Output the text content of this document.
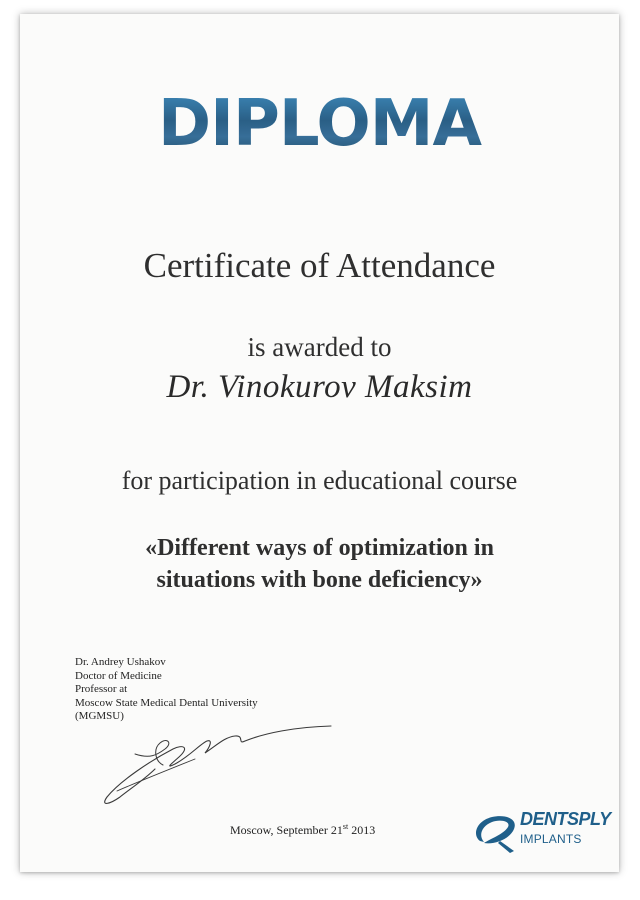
DIPLOMA
Certificate of Attendance
is awarded to
Dr. Vinokurov Maksim
for participation in educational course
«Different ways of optimization in
situations with bone deficiency»
Dr. Andrey Ushakov
Doctor of Medicine
Professor at
Moscow State Medical Dental University
(MGMSU)
Moscow, September 21st 2013
DENTSPLY
IMPLANTS
